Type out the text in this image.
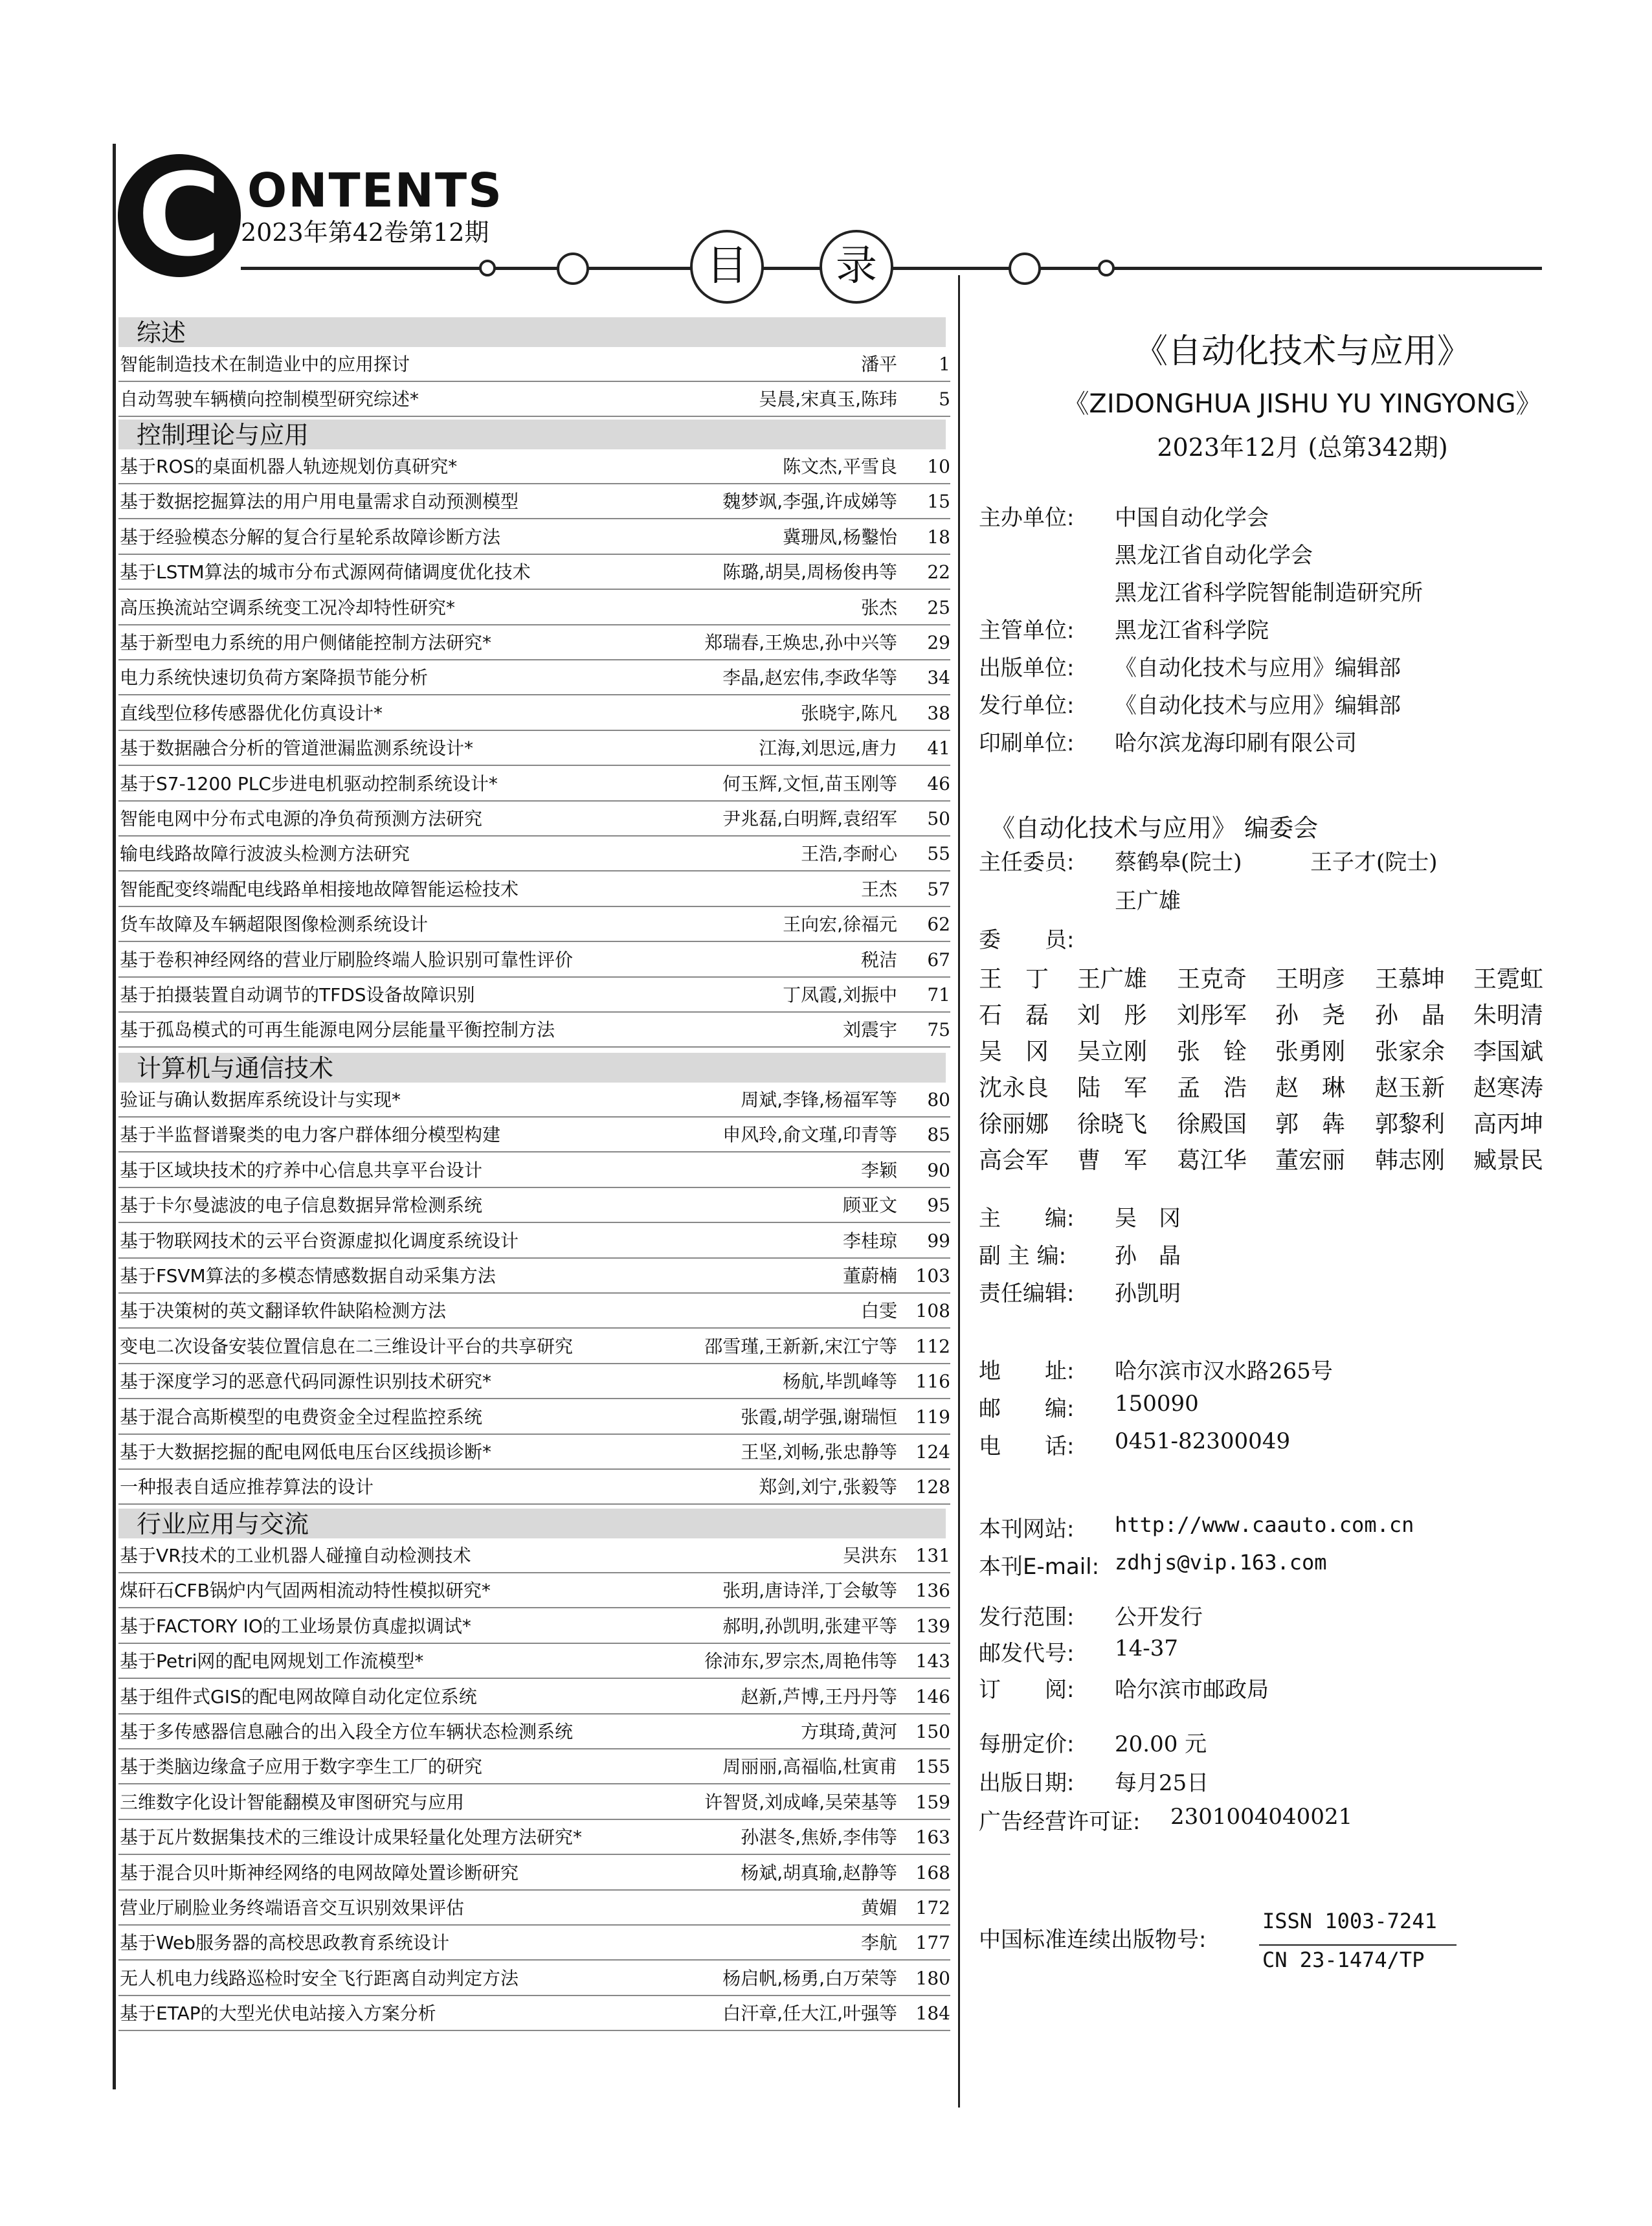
C ONTENTS
2023年第42卷第12期
目	录
综述
智能制造技术在制造业中的应用探讨	潘平	1
自动驾驶车辆横向控制模型研究综述*	吴晨,宋真玉,陈玮	5
控制理论与应用
基于ROS的桌面机器人轨迹规划仿真研究*	陈文杰,平雪良	10
基于数据挖掘算法的用户用电量需求自动预测模型	魏梦飒,李强,许成娣等	15
基于经验模态分解的复合行星轮系故障诊断方法	冀珊凤,杨鑿怡	18
基于LSTM算法的城市分布式源网荷储调度优化技术	陈璐,胡昊,周杨俊冉等	22
高压换流站空调系统变工况冷却特性研究*	张杰	25
基于新型电力系统的用户侧储能控制方法研究*	郑瑞春,王焕忠,孙中兴等	29
电力系统快速切负荷方案降损节能分析	李晶,赵宏伟,李政华等	34
直线型位移传感器优化仿真设计*	张晓宇,陈凡	38
基于数据融合分析的管道泄漏监测系统设计*	江海,刘思远,唐力	41
基于S7-1200 PLC步进电机驱动控制系统设计*	何玉辉,文恒,苗玉刚等	46
智能电网中分布式电源的净负荷预测方法研究	尹兆磊,白明辉,袁绍军	50
输电线路故障行波波头检测方法研究	王浩,李耐心	55
智能配变终端配电线路单相接地故障智能运检技术	王杰	57
货车故障及车辆超限图像检测系统设计	王向宏,徐福元	62
基于卷积神经网络的营业厅刷脸终端人脸识别可靠性评价	税洁	67
基于拍摄装置自动调节的TFDS设备故障识别	丁凤霞,刘振中	71
基于孤岛模式的可再生能源电网分层能量平衡控制方法	刘震宇	75
计算机与通信技术
验证与确认数据库系统设计与实现*	周斌,李锋,杨福军等	80
基于半监督谱聚类的电力客户群体细分模型构建	申风玲,俞文瑾,印青等	85
基于区域块技术的疗养中心信息共享平台设计	李颖	90
基于卡尔曼滤波的电子信息数据异常检测系统	顾亚文	95
基于物联网技术的云平台资源虚拟化调度系统设计	李桂琼	99
基于FSVM算法的多模态情感数据自动采集方法	董蔚楠 103
基于决策树的英文翻译软件缺陷检测方法	白雯 108
变电二次设备安装位置信息在二三维设计平台的共享研究	邵雪瑾,王新新,宋江宁等 112
基于深度学习的恶意代码同源性识别技术研究*	杨航,毕凯峰等 116
基于混合高斯模型的电费资金全过程监控系统	张霞,胡学强,谢瑞恒 119
基于大数据挖掘的配电网低电压台区线损诊断*	王坚,刘畅,张忠静等 124
一种报表自适应推荐算法的设计	郑剑,刘宁,张毅等 128
行业应用与交流
基于VR技术的工业机器人碰撞自动检测技术	吴洪东 131
煤矸石CFB锅炉内气固两相流动特性模拟研究*	张玥,唐诗洋,丁会敏等 136
基于FACTORY IO的工业场景仿真虚拟调试*	郝明,孙凯明,张建平等 139
基于Petri网的配电网规划工作流模型*	徐沛东,罗宗杰,周艳伟等 143
基于组件式GIS的配电网故障自动化定位系统	赵新,芦博,王丹丹等 146
基于多传感器信息融合的出入段全方位车辆状态检测系统	方琪琦,黄河 150
基于类脑边缘盒子应用于数字孪生工厂的研究	周丽丽,高福临,杜寅甫 155
三维数字化设计智能翻模及审图研究与应用	许智贤,刘成峰,吴荣基等 159
基于瓦片数据集技术的三维设计成果轻量化处理方法研究*	孙湛冬,焦娇,李伟等 163
基于混合贝叶斯神经网络的电网故障处置诊断研究	杨斌,胡真瑜,赵静等 168
营业厅刷脸业务终端语音交互识别效果评估	黄媚 172
基于Web服务器的高校思政教育系统设计	李航 177
无人机电力线路巡检时安全飞行距离自动判定方法	杨启帆,杨勇,白万荣等 180
基于ETAP的大型光伏电站接入方案分析	白汗章,任大江,叶强等 184
《自动化技术与应用》
《ZIDONGHUA JISHU YU YINGYONG》
2023年12月 (总第342期)
主办单位: 中国自动化学会
黑龙江省自动化学会
黑龙江省科学院智能制造研究所
主管单位: 黑龙江省科学院
出版单位: 《自动化技术与应用》编辑部
发行单位: 《自动化技术与应用》编辑部
印刷单位: 哈尔滨龙海印刷有限公司
《自动化技术与应用》 编委会
主任委员: 蔡鹤皋(院士)	王子才(院士)
王广雄
委　　员:
王　丁 王广雄 王克奇 王明彦 王慕坤 王霓虹
石　磊 刘　彤 刘彤军 孙　尧 孙　晶 朱明清
吴　冈 吴立刚 张　铨 张勇刚 张家余 李国斌
沈永良 陆　军 孟　浩 赵　琳 赵玉新 赵寒涛
徐丽娜 徐晓飞 徐殿国 郭　犇 郭黎利 高丙坤
高会军 曹　军 葛江华 董宏丽 韩志刚 臧景民
主　　编: 吴　冈
副 主 编: 孙　晶
责任编辑: 孙凯明
地　　址: 哈尔滨市汉水路265号
邮　　编: 150090
电　　话: 0451-82300049
本刊网站: http://www.caauto.com.cn
本刊E-mail: zdhjs@vip.163.com
发行范围: 公开发行
邮发代号: 14-37
订　　阅: 哈尔滨市邮政局
每册定价: 20.00 元
出版日期: 每月25日
广告经营许可证: 2301004040021
中国标准连续出版物号:
ISSN 1003-7241
CN 23-1474/TP
